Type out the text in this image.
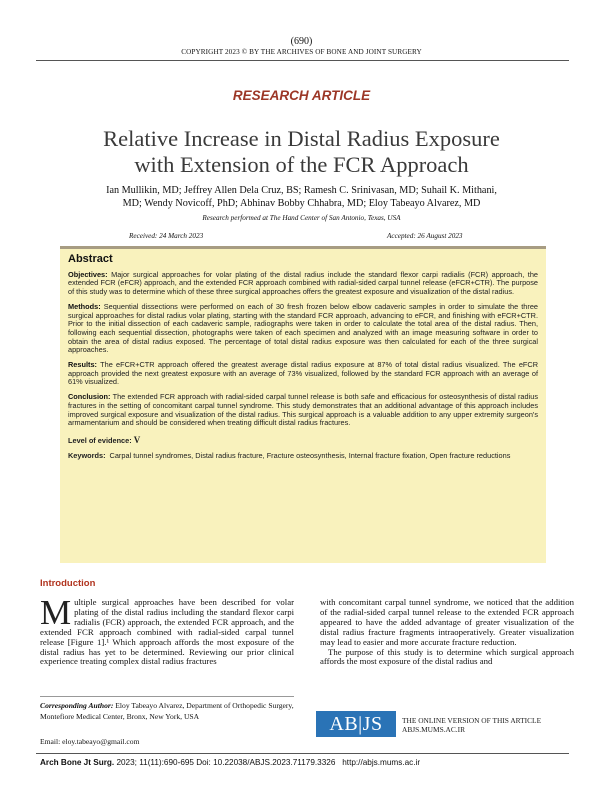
(690)
COPYRIGHT 2023 © BY THE ARCHIVES OF BONE AND JOINT SURGERY
RESEARCH ARTICLE
Relative Increase in Distal Radius Exposure
with Extension of the FCR Approach
Ian Mullikin, MD; Jeffrey Allen Dela Cruz, BS; Ramesh C. Srinivasan, MD; Suhail K. Mithani,
MD; Wendy Novicoff, PhD; Abhinav Bobby Chhabra, MD; Eloy Tabeayo Alvarez, MD
Research performed at The Hand Center of San Antonio, Texas, USA
Received: 24 March 2023	Accepted: 26 August 2023
Abstract

Objectives: Major surgical approaches for volar plating of the distal radius include the standard flexor carpi radialis (FCR) approach, the extended FCR (eFCR) approach, and the extended FCR approach combined with radial-sided carpal tunnel release (eFCR+CTR). The purpose of this study was to determine which of these three surgical approaches offers the greatest exposure and visualization of the distal radius.

Methods: Sequential dissections were performed on each of 30 fresh frozen below elbow cadaveric samples in order to simulate the three surgical approaches for distal radius volar plating, starting with the standard FCR approach, advancing to eFCR, and finishing with eFCR+CTR. Prior to the initial dissection of each cadaveric sample, radiographs were taken in order to calculate the total area of the distal radius. Then, following each sequential dissection, photographs were taken of each specimen and analyzed with an image measuring software in order to obtain the area of distal radius exposed. The percentage of total distal radius exposure was then calculated for each of the three surgical approaches.

Results: The eFCR+CTR approach offered the greatest average distal radius exposure at 87% of total distal radius visualized. The eFCR approach provided the next greatest exposure with an average of 73% visualized, followed by the standard FCR approach with an average of 61% visualized.

Conclusion: The extended FCR approach with radial-sided carpal tunnel release is both safe and efficacious for osteosynthesis of distal radius fractures in the setting of concomitant carpal tunnel syndrome. This study demonstrates that an additional advantage of this approach includes improved surgical exposure and visualization of the distal radius. This surgical approach is a valuable addition to any upper extremity surgeon's armamentarium and should be considered when treating difficult distal radius fractures.

Level of evidence: V
Keywords: Carpal tunnel syndromes, Distal radius fracture, Fracture osteosynthesis, Internal fracture fixation, Open fracture reductions
Introduction
Multiple surgical approaches have been described for volar plating of the distal radius including the standard flexor carpi radialis (FCR) approach, the extended FCR approach, and the extended FCR approach combined with radial-sided carpal tunnel release [Figure 1].¹ Which approach affords the most exposure of the distal radius has yet to be determined. Reviewing our prior clinical experience treating complex distal radius fractures
with concomitant carpal tunnel syndrome, we noticed that the addition of the radial-sided carpal tunnel release to the extended FCR approach appeared to have the added advantage of greater visualization of the distal radius fracture fragments intraoperatively. Greater visualization may lead to easier and more accurate fracture reduction.
The purpose of this study is to determine which surgical approach affords the most exposure of the distal radius and
Corresponding Author: Eloy Tabeayo Alvarez, Department of Orthopedic Surgery, Montefiore Medical Center, Bronx, New York, USA
Email: eloy.tabeayo@gmail.com
AB|JS	THE ONLINE VERSION OF THIS ARTICLE
ABJS.MUMS.AC.IR
Arch Bone Jt Surg. 2023; 11(11):690-695 Doi: 10.22038/ABJS.2023.71179.3326 http://abjs.mums.ac.ir
